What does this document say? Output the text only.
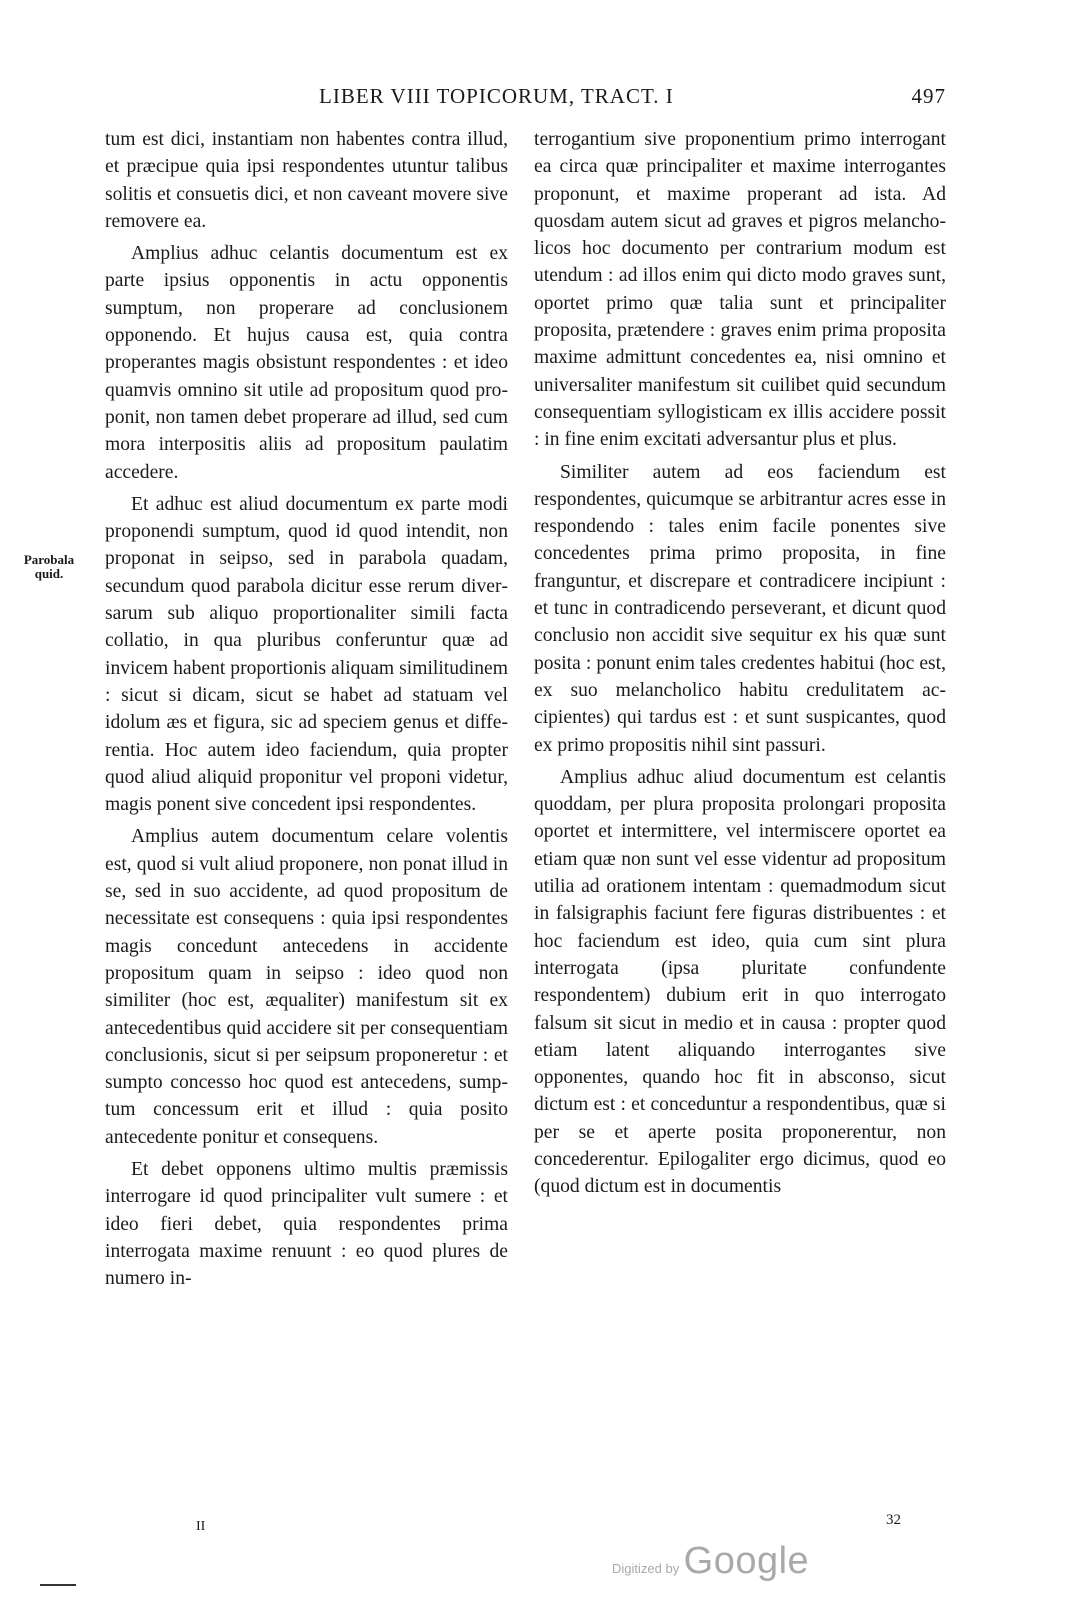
LIBER VIII TOPICORUM, TRACT. I	497
Parobala
quid.

tum est dici, instantiam non habentes contra illud, et præcipue quia ipsi respondentes utuntur talibus solitis et consuetis dici, et non caveant movere sive removere ea.

Amplius adhuc celantis documentum est ex parte ipsius opponentis in actu opponentis sumptum, non properare ad conclusionem opponendo. Et hujus causa est, quia contra properantes magis obsistunt respondentes : et ideo quamvis omnino sit utile ad propositum quod proponit, non tamen debet properare ad illud, sed cum mora interpositis aliis ad propositum paulatim accedere.

Et adhuc est aliud documentum ex parte modi proponendi sumptum, quod id quod intendit, non proponat in seipso, sed in parabola quadam, secundum quod parabola dicitur esse rerum diversarum sub aliquo proportionaliter simili facta collatio, in qua pluribus conferuntur quæ ad invicem habent proportionis aliquam similitudinem : sicut si dicam, sicut se habet ad statuam vel idolum æs et figura, sic ad speciem genus et differentia. Hoc autem ideo faciendum, quia propter quod aliud aliquid proponitur vel proponi videtur, magis ponent sive concedent ipsi respondentes.

Amplius autem documentum celare volentis est, quod si vult aliud proponere, non ponat illud in se, sed in suo accidente, ad quod propositum de necessitate est consequens : quia ipsi respondentes magis concedunt antecedens in accidente propositum quam in seipso : ideo quod non similiter (hoc est, æqualiter) manifestum sit ex antecedentibus quid accidere sit per consequentiam conclusionis, sicut si per seipsum proponeretur : et sumpto concesso hoc quod est antecedens, sumptum concessum erit et illud : quia posito antecedente ponitur et consequens.

Et debet opponens ultimo multis præmissis interrogare id quod principaliter vult sumere : et ideo fieri debet, quia respondentes prima interrogata maxime renuunt : eo quod plures de numero in-

terrogantium sive proponentium primo interrogant ea circa quæ principaliter et maxime interrogantes proponunt, et maxime properant ad ista. Ad quosdam autem sicut ad graves et pigros melancholicos hoc documento per contrarium modum est utendum : ad illos enim qui dicto modo graves sunt, oportet primo quæ talia sunt et principaliter proposita, prætendere : graves enim prima proposita maxime admittunt concedentes ea, nisi omnino et universaliter manifestum sit cuilibet quid secundum consequentiam syllogisticam ex illis accidere possit : in fine enim excitati adversantur plus et plus.

Similiter autem ad eos faciendum est respondentes, quicumque se arbitrantur acres esse in respondendo : tales enim facile ponentes sive concedentes prima primo proposita, in fine franguntur, et discrepare et contradicere incipiunt : et tunc in contradicendo perseverant, et dicunt quod conclusio non accidit sive sequitur ex his quæ sunt posita : ponunt enim tales credentes habitui (hoc est, ex suo melancholico habitu credulitatem accipientes) qui tardus est : et sunt suspicantes, quod ex primo propositis nihil sint passuri.

Amplius adhuc aliud documentum est celantis quoddam, per plura proposita prolongari proposita oportet et intermittere, vel intermiscere oportet ea etiam quæ non sunt vel esse videntur ad propositum utilia ad orationem intentam : quemadmodum sicut in falsigraphis faciunt fere figuras distribuentes : et hoc faciendum est ideo, quia cum sint plura interrogata (ipsa pluritate confundente respondentem) dubium erit in quo interrogato falsum sit sicut in medio et in causa : propter quod etiam latent aliquando interrogantes sive opponentes, quando hoc fit in absconso, sicut dictum est : et conceduntur a respondentibus, quæ si per se et aperte posita proponerentur, non concederentur. Epilogaliter ergo dicimus, quod eo (quod dictum est in documentis

II	32
Digitized by Google
